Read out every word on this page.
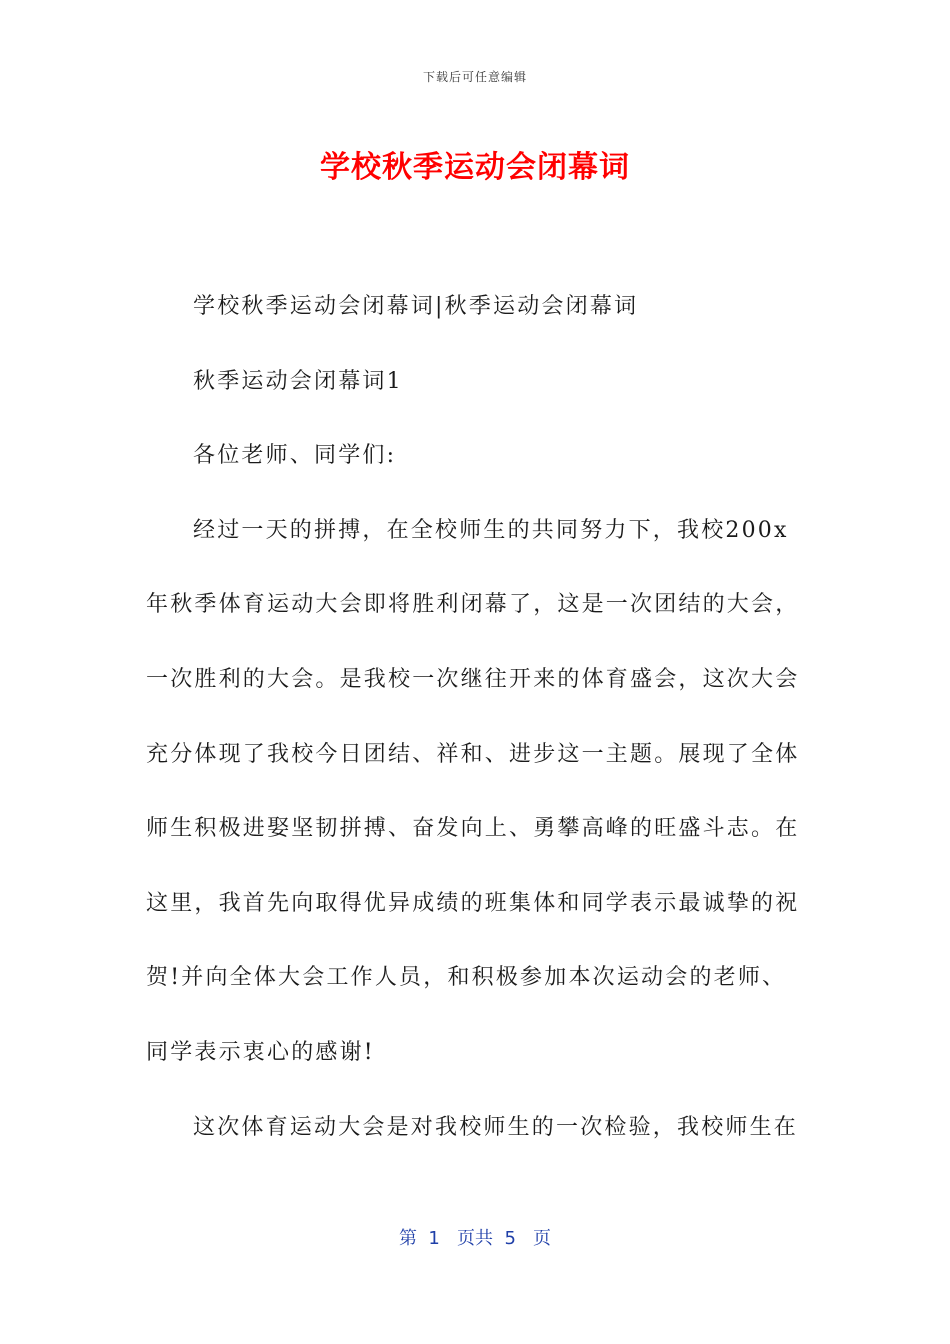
下载后可任意编辑
学校秋季运动会闭幕词

学校秋季运动会闭幕词|秋季运动会闭幕词

秋季运动会闭幕词1

各位老师、同学们:

经过一天的拼搏，在全校师生的共同努力下，我校200x年秋季体育运动大会即将胜利闭幕了，这是一次团结的大会，一次胜利的大会。是我校一次继往开来的体育盛会，这次大会充分体现了我校今日团结、祥和、进步这一主题。展现了全体师生积极进娶坚韧拼搏、奋发向上、勇攀高峰的旺盛斗志。在这里，我首先向取得优异成绩的班集体和同学表示最诚挚的祝贺!并向全体大会工作人员，和积极参加本次运动会的老师、同学表示衷心的感谢!

这次体育运动大会是对我校师生的一次检验，我校师生在

第  1   页共  5   页
